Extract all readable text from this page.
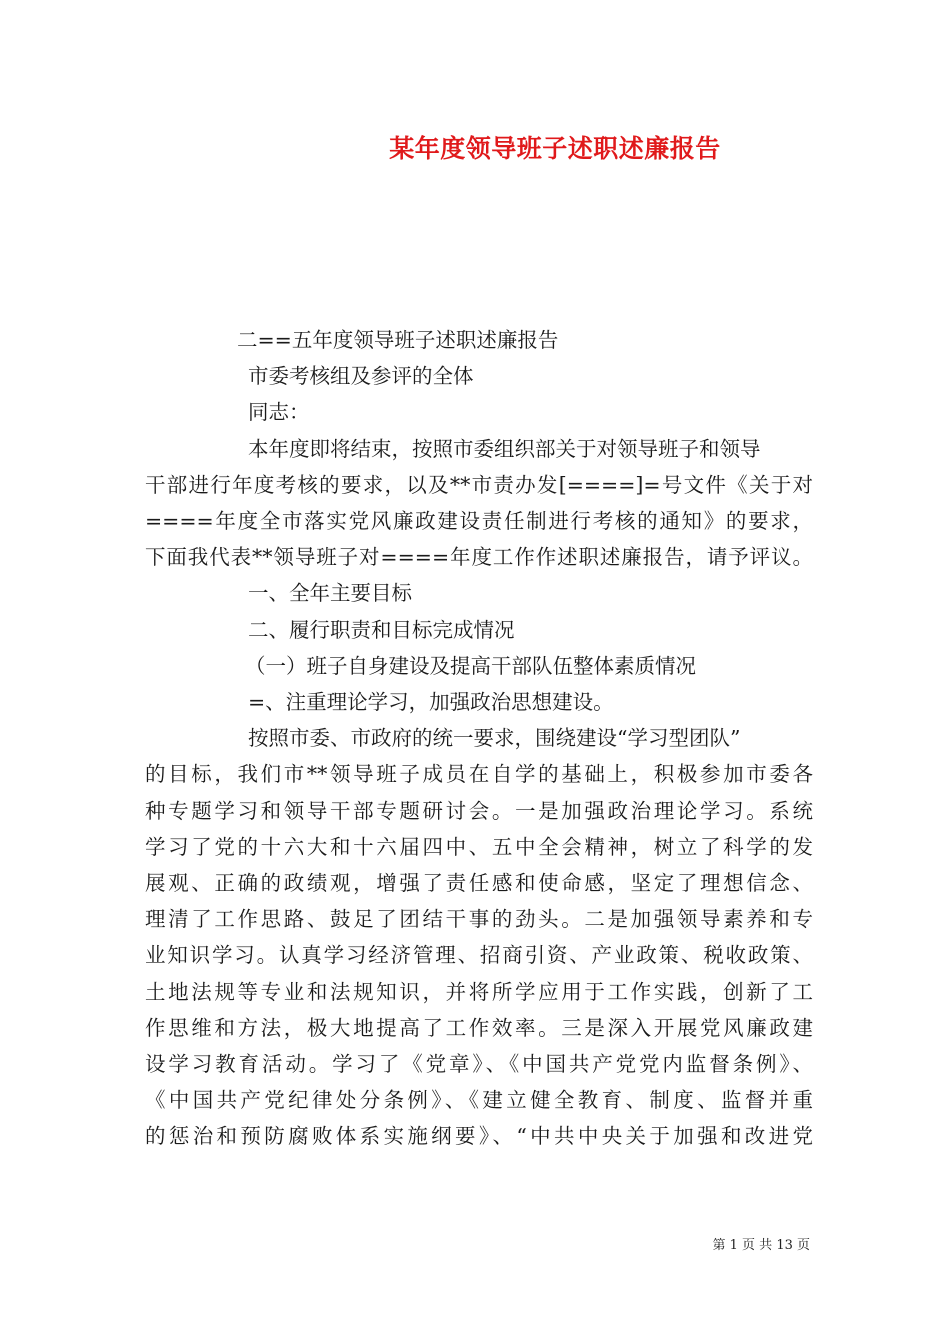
某年度领导班子述职述廉报告

二==五年度领导班子述职述廉报告

市委考核组及参评的全体

同志：

本年度即将结束，按照市委组织部关于对领导班子和领导

干部进行年度考核的要求，以及**市责办发[====]=号文件《关于对

====年度全市落实党风廉政建设责任制进行考核的通知》的要求，

下面我代表**领导班子对====年度工作作述职述廉报告，请予评议。

一、全年主要目标

二、履行职责和目标完成情况

（一）班子自身建设及提高干部队伍整体素质情况

=、注重理论学习，加强政治思想建设。

按照市委、市政府的统一要求，围绕建设“学习型团队”

的目标，我们市**领导班子成员在自学的基础上，积极参加市委各

种专题学习和领导干部专题研讨会。一是加强政治理论学习。系统

学习了党的十六大和十六届四中、五中全会精神，树立了科学的发

展观、正确的政绩观，增强了责任感和使命感，坚定了理想信念、

理清了工作思路、鼓足了团结干事的劲头。二是加强领导素养和专

业知识学习。认真学习经济管理、招商引资、产业政策、税收政策、

土地法规等专业和法规知识，并将所学应用于工作实践，创新了工

作思维和方法，极大地提高了工作效率。三是深入开展党风廉政建

设学习教育活动。学习了《党章》、《中国共产党党内监督条例》、

《中国共产党纪律处分条例》、《建立健全教育、制度、监督并重

的惩治和预防腐败体系实施纲要》、“中共中央关于加强和改进党

第 1 页 共 13 页
